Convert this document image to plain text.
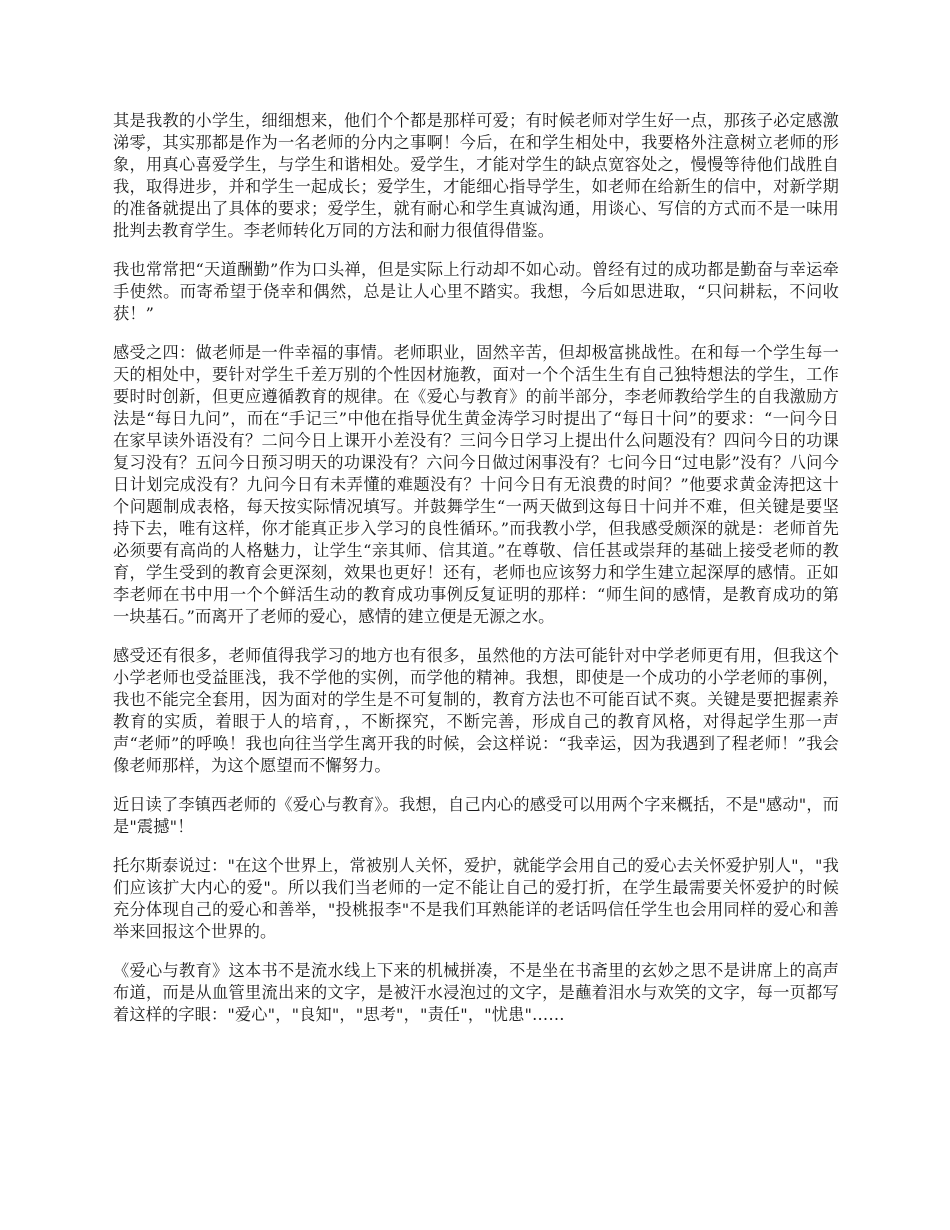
其是我教的小学生，细细想来，他们个个都是那样可爱；有时候老师对学生好一点，那孩子必定感激涕零，其实那都是作为一名老师的分内之事啊！今后，在和学生相处中，我要格外注意树立老师的形象，用真心喜爱学生，与学生和谐相处。爱学生，才能对学生的缺点宽容处之，慢慢等待他们战胜自我，取得进步，并和学生一起成长；爱学生，才能细心指导学生，如老师在给新生的信中，对新学期的准备就提出了具体的要求；爱学生，就有耐心和学生真诚沟通，用谈心、写信的方式而不是一味用批判去教育学生。李老师转化万同的方法和耐力很值得借鉴。

我也常常把“天道酬勤”作为口头禅，但是实际上行动却不如心动。曾经有过的成功都是勤奋与幸运牵手使然。而寄希望于侥幸和偶然，总是让人心里不踏实。我想，今后如思进取，“只问耕耘，不问收获！”

感受之四：做老师是一件幸福的事情。老师职业，固然辛苦，但却极富挑战性。在和每一个学生每一天的相处中，要针对学生千差万别的个性因材施教，面对一个个活生生有自己独特想法的学生，工作要时时创新，但更应遵循教育的规律。在《爱心与教育》的前半部分，李老师教给学生的自我激励方法是“每日九问”，而在“手记三”中他在指导优生黄金涛学习时提出了“每日十问”的要求：“一问今日在家早读外语没有？二问今日上课开小差没有？三问今日学习上提出什么问题没有？四问今日的功课复习没有？五问今日预习明天的功课没有？六问今日做过闲事没有？七问今日“过电影”没有？八问今日计划完成没有？九问今日有未弄懂的难题没有？十问今日有无浪费的时间？”他要求黄金涛把这十个问题制成表格，每天按实际情况填写。并鼓舞学生“一两天做到这每日十问并不难，但关键是要坚持下去，唯有这样，你才能真正步入学习的良性循环。”而我教小学，但我感受颇深的就是：老师首先必须要有高尚的人格魅力，让学生“亲其师、信其道。”在尊敬、信任甚或崇拜的基础上接受老师的教育，学生受到的教育会更深刻，效果也更好！还有，老师也应该努力和学生建立起深厚的感情。正如李老师在书中用一个个鲜活生动的教育成功事例反复证明的那样：“师生间的感情，是教育成功的第一块基石。”而离开了老师的爱心，感情的建立便是无源之水。

感受还有很多，老师值得我学习的地方也有很多，虽然他的方法可能针对中学老师更有用，但我这个小学老师也受益匪浅，我不学他的实例，而学他的精神。我想，即使是一个成功的小学老师的事例，我也不能完全套用，因为面对的学生是不可复制的，教育方法也不可能百试不爽。关键是要把握素养教育的实质，着眼于人的培育，，不断探究，不断完善，形成自己的教育风格，对得起学生那一声声“老师”的呼唤！我也向往当学生离开我的时候，会这样说：“我幸运，因为我遇到了程老师！”我会像老师那样，为这个愿望而不懈努力。

近日读了李镇西老师的《爱心与教育》。我想，自己内心的感受可以用两个字来概括，不是"感动"，而是"震撼"！

托尔斯泰说过："在这个世界上，常被别人关怀，爱护，就能学会用自己的爱心去关怀爱护别人"，"我们应该扩大内心的爱"。所以我们当老师的一定不能让自己的爱打折，在学生最需要关怀爱护的时候充分体现自己的爱心和善举，"投桃报李"不是我们耳熟能详的老话吗信任学生也会用同样的爱心和善举来回报这个世界的。

《爱心与教育》这本书不是流水线上下来的机械拼凑，不是坐在书斋里的玄妙之思不是讲席上的高声布道，而是从血管里流出来的文字，是被汗水浸泡过的文字，是蘸着泪水与欢笑的文字，每一页都写着这样的字眼："爱心"，"良知"，"思考"，"责任"，"忧患"……
